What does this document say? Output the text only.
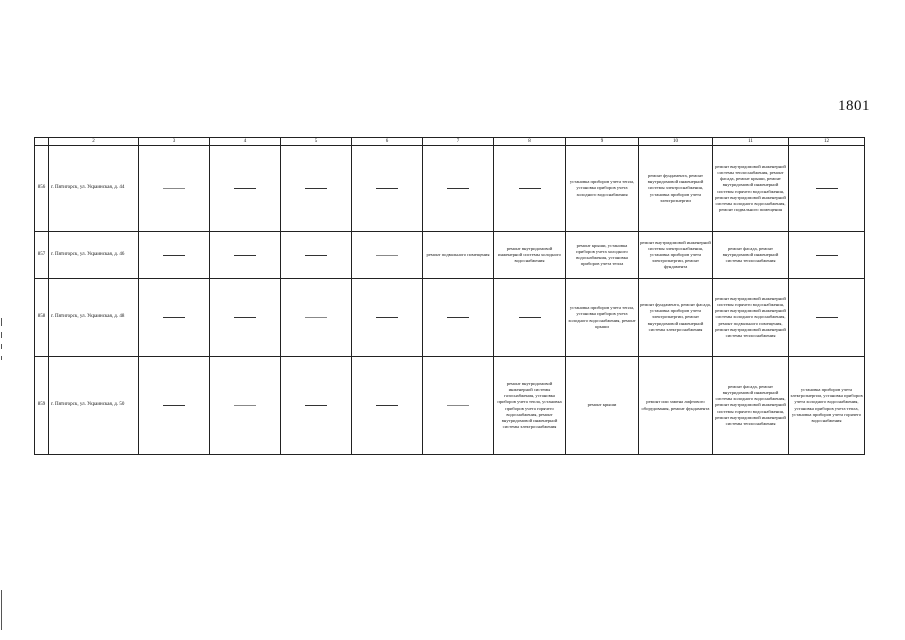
1801
	2	3	4	5	6	7	8	9	10	11	12
856	г. Пятигорск, ул. Украинская, д. 44							установка приборов учета тепла, установка приборов учета холодного водоснабжения	ремонт фундамента, ремонт внутридомовой инженерной системы электроснабжения, установка приборов учета электроэнергии	ремонт внутридомовой инженерной системы теплоснабжения, ремонт фасада, ремонт крыши, ремонт внутридомовой инженерной системы горячего водоснабжения, ремонт внутридомовой инженерной системы холодного водоснабжения, ремонт подвального помещения	

857	г. Пятигорск, ул. Украинская, д. 46					ремонт подвального помещения	ремонт внутридомовой инженерной системы холодного водоснабжения	ремонт крыши, установка приборов учета холодного водоснабжения, установка приборов учета тепла	ремонт внутридомовой инженерной системы электроснабжения, установка приборов учета электроэнергии, ремонт фундамента	ремонт фасада, ремонт внутридомовой инженерной системы теплоснабжения	

858	г. Пятигорск, ул. Украинская, д. 48							установка приборов учета тепла, установка приборов учета холодного водоснабжения, ремонт крыши	ремонт фундамента, ремонт фасада, установка приборов учета электроэнергии, ремонт внутридомовой инженерной системы электроснабжения	ремонт внутридомовой инженерной системы горячего водоснабжения, ремонт внутридомовой инженерной системы холодного водоснабжения, ремонт подвального помещения, ремонт внутридомовой инженерной системы теплоснабжения	

859	г. Пятигорск, ул. Украинская, д. 50						ремонт внутридомовой инженерной системы газоснабжения, установка приборов учета тепла, установка приборов учета горячего водоснабжения, ремонт внутридомовой инженерной системы электроснабжения	ремонт крыши	ремонт или замена лифтового оборудования, ремонт фундамента	ремонт фасада, ремонт внутридомовой инженерной системы холодного водоснабжения, ремонт внутридомовой инженерной системы горячего водоснабжения, ремонт внутридомовой инженерной системы теплоснабжения	установка приборов учета электроэнергии, установка приборов учета холодного водоснабжения, установка приборов учета тепла, установка приборов учета горячего водоснабжения
